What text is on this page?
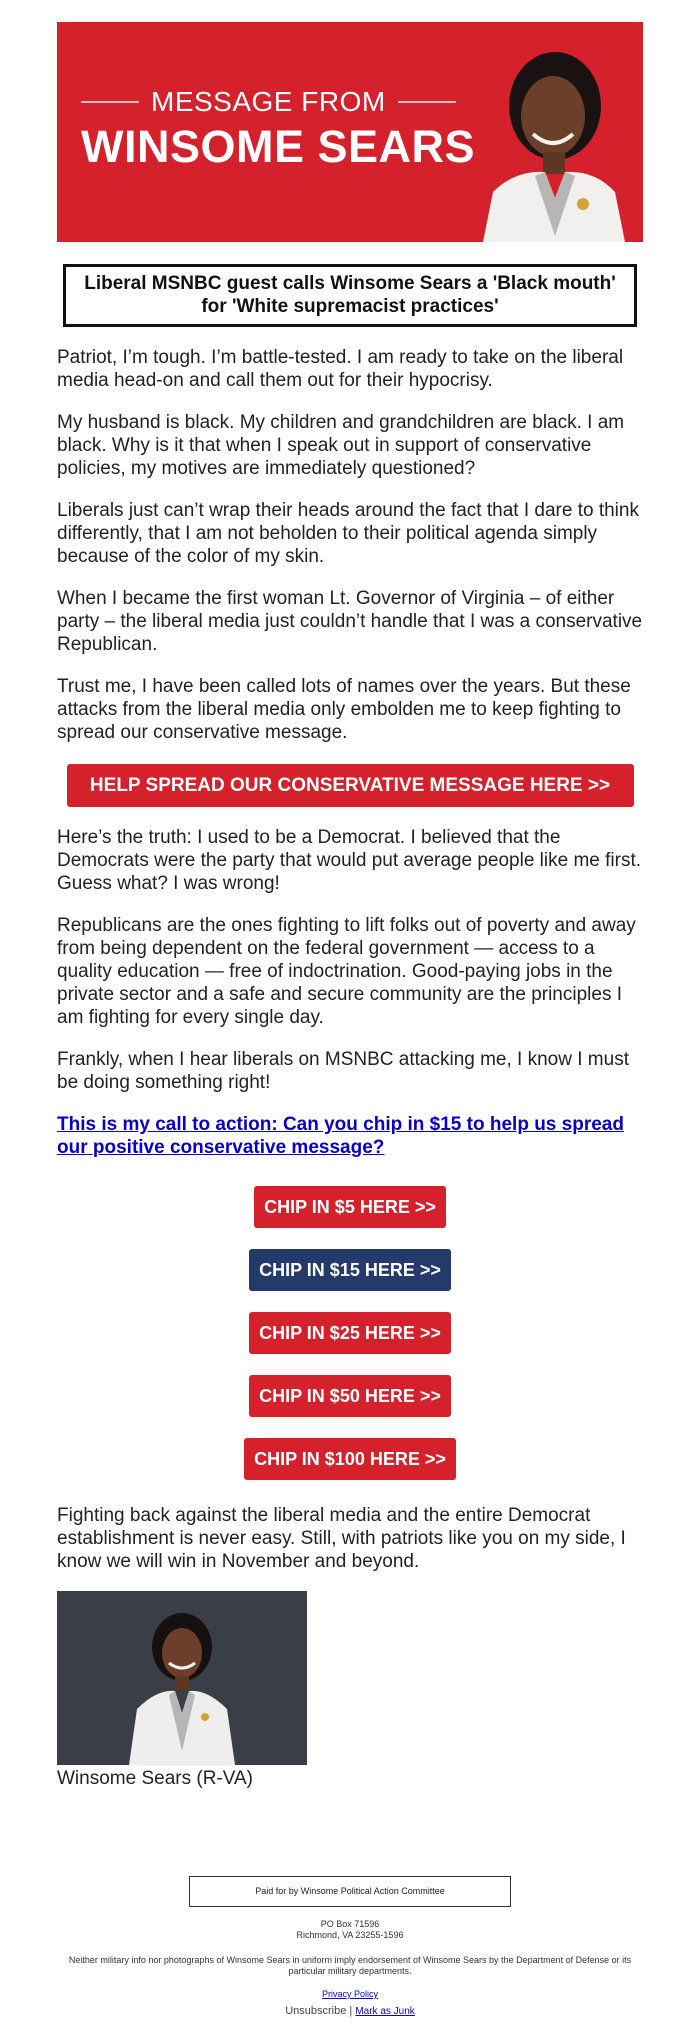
MESSAGE FROM
WINSOME SEARS
Liberal MSNBC guest calls Winsome Sears a 'Black mouth' for 'White supremacist practices'

Patriot, I’m tough. I’m battle-tested. I am ready to take on the liberal media head-on and call them out for their hypocrisy.

My husband is black. My children and grandchildren are black. I am black. Why is it that when I speak out in support of conservative policies, my motives are immediately questioned?

Liberals just can’t wrap their heads around the fact that I dare to think differently, that I am not beholden to their political agenda simply because of the color of my skin.

When I became the first woman Lt. Governor of Virginia – of either party – the liberal media just couldn’t handle that I was a conservative Republican.

Trust me, I have been called lots of names over the years. But these attacks from the liberal media only embolden me to keep fighting to spread our conservative message.

HELP SPREAD OUR CONSERVATIVE MESSAGE HERE >>

Here’s the truth: I used to be a Democrat. I believed that the Democrats were the party that would put average people like me first. Guess what? I was wrong!

Republicans are the ones fighting to lift folks out of poverty and away from being dependent on the federal government — access to a quality education — free of indoctrination. Good-paying jobs in the private sector and a safe and secure community are the principles I am fighting for every single day.

Frankly, when I hear liberals on MSNBC attacking me, I know I must be doing something right!

This is my call to action: Can you chip in $15 to help us spread our positive conservative message?
CHIP IN $5 HERE >>
CHIP IN $15 HERE >>
CHIP IN $25 HERE >>
CHIP IN $50 HERE >>
CHIP IN $100 HERE >>

Fighting back against the liberal media and the entire Democrat establishment is never easy. Still, with patriots like you on my side, I know we will win in November and beyond.

Winsome Sears (R-VA)
Paid for by Winsome Political Action Committee
PO Box 71596
Richmond, VA 23255-1596
Neither military info nor photographs of Winsome Sears in uniform imply endorsement of Winsome Sears by the Department of Defense or its particular military departments.
Privacy Policy
Unsubscribe | Mark as Junk
